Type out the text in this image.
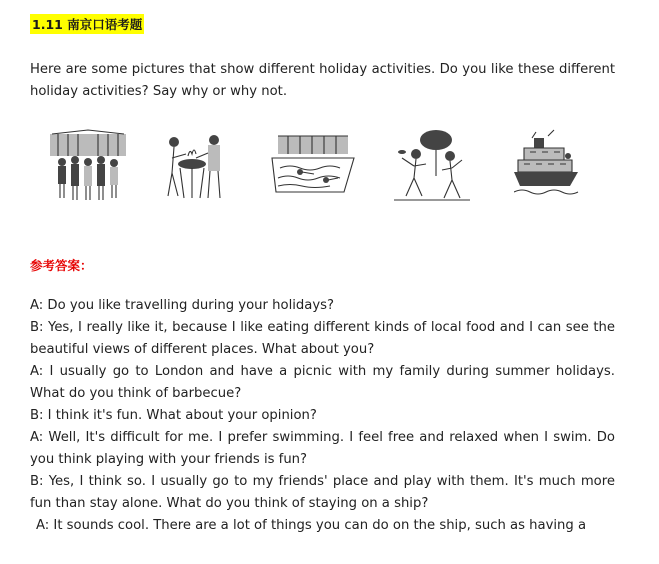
1.11 南京口语考题
Here are some pictures that show different holiday activities. Do you like these different holiday activities? Say why or why not.
参考答案：

A: Do you like travelling during your holidays?

B: Yes, I really like it, because I like eating different kinds of local food and I can see the beautiful views of different places. What about you?

A: I usually go to London and have a picnic with my family during summer holidays. What do you think of barbecue?

B: I think it's fun. What about your opinion?

A: Well, It's difficult for me. I prefer swimming. I feel free and relaxed when I swim. Do you think playing with your friends is fun?

B: Yes, I think so. I usually go to my friends' place and play with them. It's much more fun than stay alone. What do you think of staying on a ship?

A: It sounds cool. There are a lot of things you can do on the ship, such as having a
